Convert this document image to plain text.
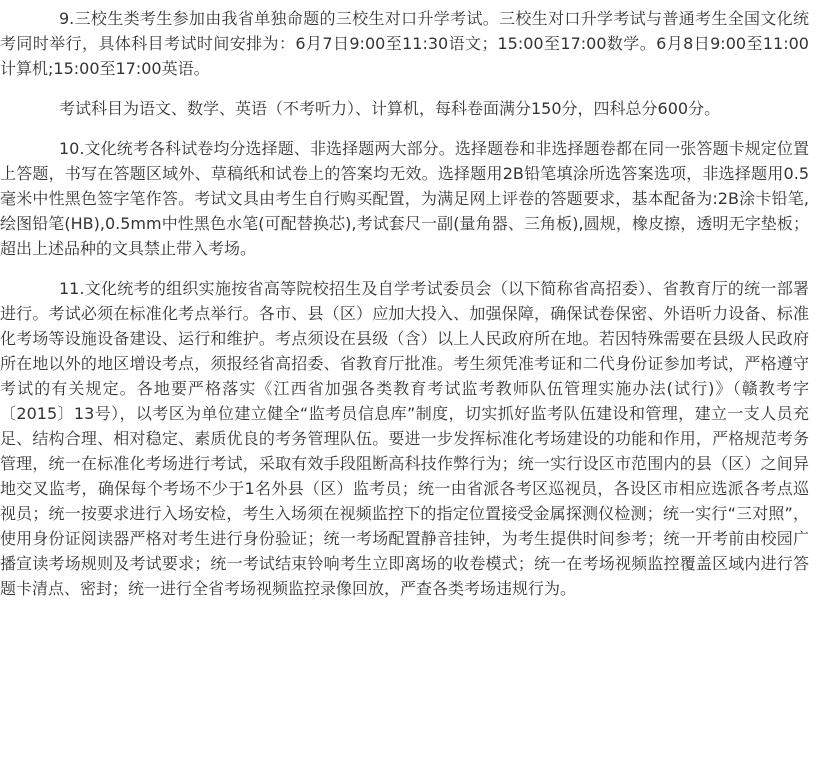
9.三校生类考生参加由我省单独命题的三校生对口升学考试。三校生对口升学考试与普通考生全国文化统考同时举行，具体科目考试时间安排为：6月7日9:00至11:30语文；15:00至17:00数学。6月8日9:00至11:00计算机;15:00至17:00英语。

考试科目为语文、数学、英语（不考听力）、计算机，每科卷面满分150分，四科总分600分。

10.文化统考各科试卷均分选择题、非选择题两大部分。选择题卷和非选择题卷都在同一张答题卡规定位置上答题，书写在答题区域外、草稿纸和试卷上的答案均无效。选择题用2B铅笔填涂所选答案选项，非选择题用0.5毫米中性黑色签字笔作答。考试文具由考生自行购买配置，为满足网上评卷的答题要求，基本配备为:2B涂卡铅笔,绘图铅笔(HB),0.5mm中性黑色水笔(可配替换芯),考试套尺一副(量角器、三角板),圆规，橡皮擦，透明无字垫板；超出上述品种的文具禁止带入考场。

11.文化统考的组织实施按省高等院校招生及自学考试委员会（以下简称省高招委）、省教育厅的统一部署进行。考试必须在标准化考点举行。各市、县（区）应加大投入、加强保障，确保试卷保密、外语听力设备、标准化考场等设施设备建设、运行和维护。考点须设在县级（含）以上人民政府所在地。若因特殊需要在县级人民政府所在地以外的地区增设考点，须报经省高招委、省教育厅批准。考生须凭准考证和二代身份证参加考试，严格遵守考试的有关规定。各地要严格落实《江西省加强各类教育考试监考教师队伍管理实施办法(试行)》（赣教考字〔2015〕13号），以考区为单位建立健全“监考员信息库”制度，切实抓好监考队伍建设和管理，建立一支人员充足、结构合理、相对稳定、素质优良的考务管理队伍。要进一步发挥标准化考场建设的功能和作用，严格规范考务管理，统一在标准化考场进行考试，采取有效手段阻断高科技作弊行为；统一实行设区市范围内的县（区）之间异地交叉监考，确保每个考场不少于1名外县（区）监考员；统一由省派各考区巡视员，各设区市相应选派各考点巡视员；统一按要求进行入场安检，考生入场须在视频监控下的指定位置接受金属探测仪检测；统一实行“三对照”，使用身份证阅读器严格对考生进行身份验证；统一考场配置静音挂钟，为考生提供时间参考；统一开考前由校园广播宣读考场规则及考试要求；统一考试结束铃响考生立即离场的收卷模式；统一在考场视频监控覆盖区域内进行答题卡清点、密封；统一进行全省考场视频监控录像回放，严查各类考场违规行为。
